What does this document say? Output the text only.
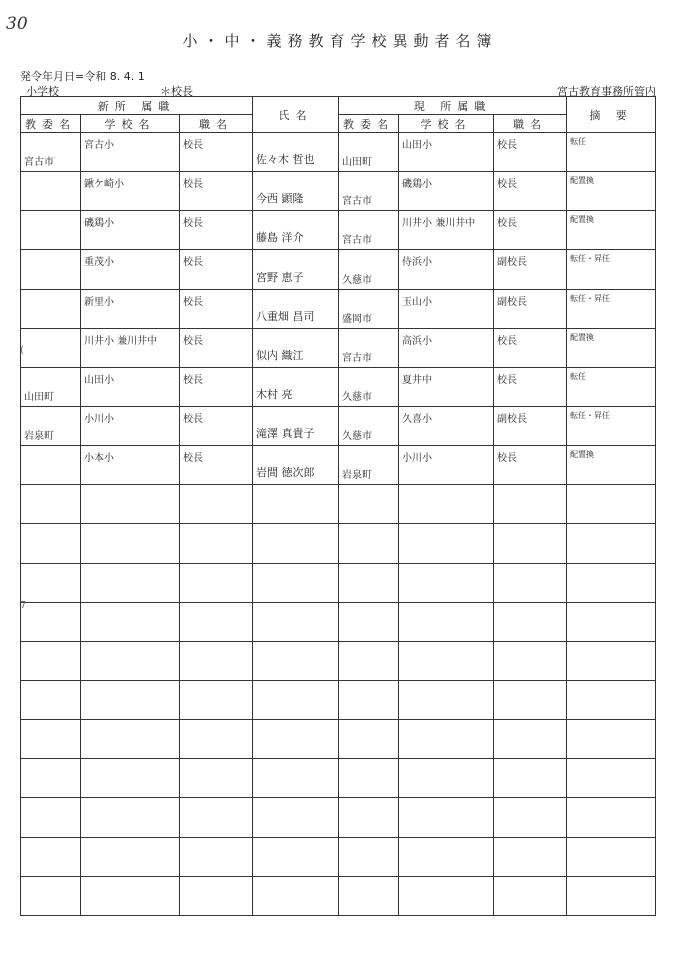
30
小・中・義務教育学校異動者名簿
発令年月日=令和 8. 4. 1
小学校	＊校長	宮古教育事務所管内
新所 属職			氏名	現 所属職			摘 要
教委名	学校名	職名		教委名	学校名	職名	

宮古市	宮古小	校長	佐々木 哲也	山田町	山田小	校長	転任

	鍬ケ崎小	校長	今西 顕隆	宮古市	磯鶏小	校長	配置換

	磯鶏小	校長	藤島 洋介	宮古市	川井小 兼川井中	校長	配置換

	重茂小	校長	宮野 恵子	久慈市	侍浜小	副校長	転任・昇任

	新里小	校長	八重畑 昌司	盛岡市	玉山小	副校長	転任・昇任

	川井小 兼川井中	校長	似内 織江	宮古市	高浜小	校長	配置換

山田町	山田小	校長	木村 亮	久慈市	夏井中	校長	転任

岩泉町	小川小	校長	滝澤 真貴子	久慈市	久喜小	副校長	転任・昇任

	小本小	校長	岩間 徳次郎	岩泉町	小川小	校長	配置換

(
7
